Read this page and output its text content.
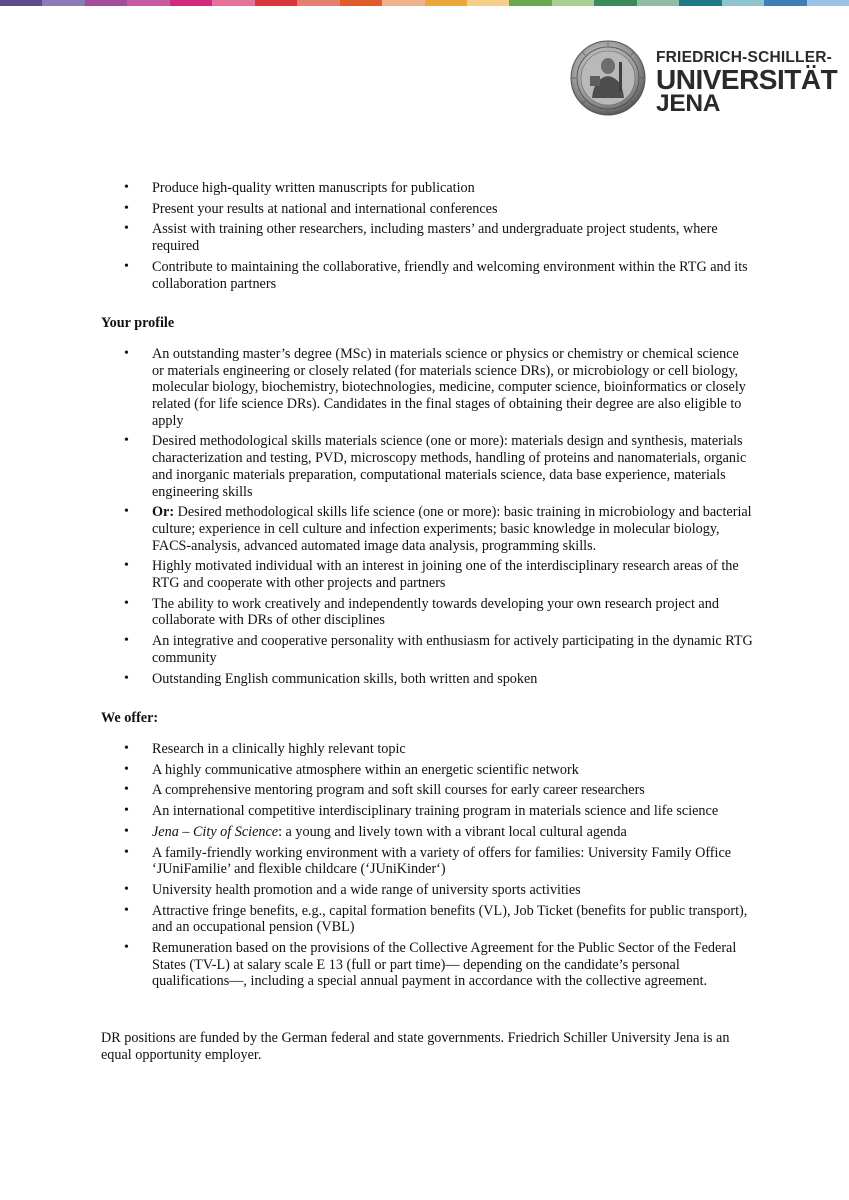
FRIEDRICH-SCHILLER-
UNIVERSITÄT
JENA
• Produce high-quality written manuscripts for publication
• Present your results at national and international conferences
• Assist with training other researchers, including masters’ and undergraduate project students, where required
• Contribute to maintaining the collaborative, friendly and welcoming environment within the RTG and its collaboration partners

Your profile

• An outstanding master’s degree (MSc) in materials science or physics or chemistry or chemical science or materials engineering or closely related (for materials science DRs), or microbiology or cell biology, molecular biology, biochemistry, biotechnologies, medicine, computer science, bioinformatics or closely related (for life science DRs). Candidates in the final stages of obtaining their degree are also eligible to apply
• Desired methodological skills materials science (one or more): materials design and synthesis, materials characterization and testing, PVD, microscopy methods, handling of proteins and nanomaterials, organic and inorganic materials preparation, computational materials science, data base experience, materials engineering skills
• Or: Desired methodological skills life science (one or more): basic training in microbiology and bacterial culture; experience in cell culture and infection experiments; basic knowledge in molecular biology, FACS-analysis, advanced automated image data analysis, programming skills.
• Highly motivated individual with an interest in joining one of the interdisciplinary research areas of the RTG and cooperate with other projects and partners
• The ability to work creatively and independently towards developing your own research project and collaborate with DRs of other disciplines
• An integrative and cooperative personality with enthusiasm for actively participating in the dynamic RTG community
• Outstanding English communication skills, both written and spoken

We offer:

• Research in a clinically highly relevant topic
• A highly communicative atmosphere within an energetic scientific network
• A comprehensive mentoring program and soft skill courses for early career researchers
• An international competitive interdisciplinary training program in materials science and life science
• Jena – City of Science: a young and lively town with a vibrant local cultural agenda
• A family-friendly working environment with a variety of offers for families: University Family Office ‘JUniFamilie’ and flexible childcare (‘JUniKinder‘)
• University health promotion and a wide range of university sports activities
• Attractive fringe benefits, e.g., capital formation benefits (VL), Job Ticket (benefits for public transport), and an occupational pension (VBL)
• Remuneration based on the provisions of the Collective Agreement for the Public Sector of the Federal States (TV-L) at salary scale E 13 (full or part time)— depending on the candidate’s personal qualifications—, including a special annual payment in accordance with the collective agreement.

DR positions are funded by the German federal and state governments. Friedrich Schiller University Jena is an equal opportunity employer.
